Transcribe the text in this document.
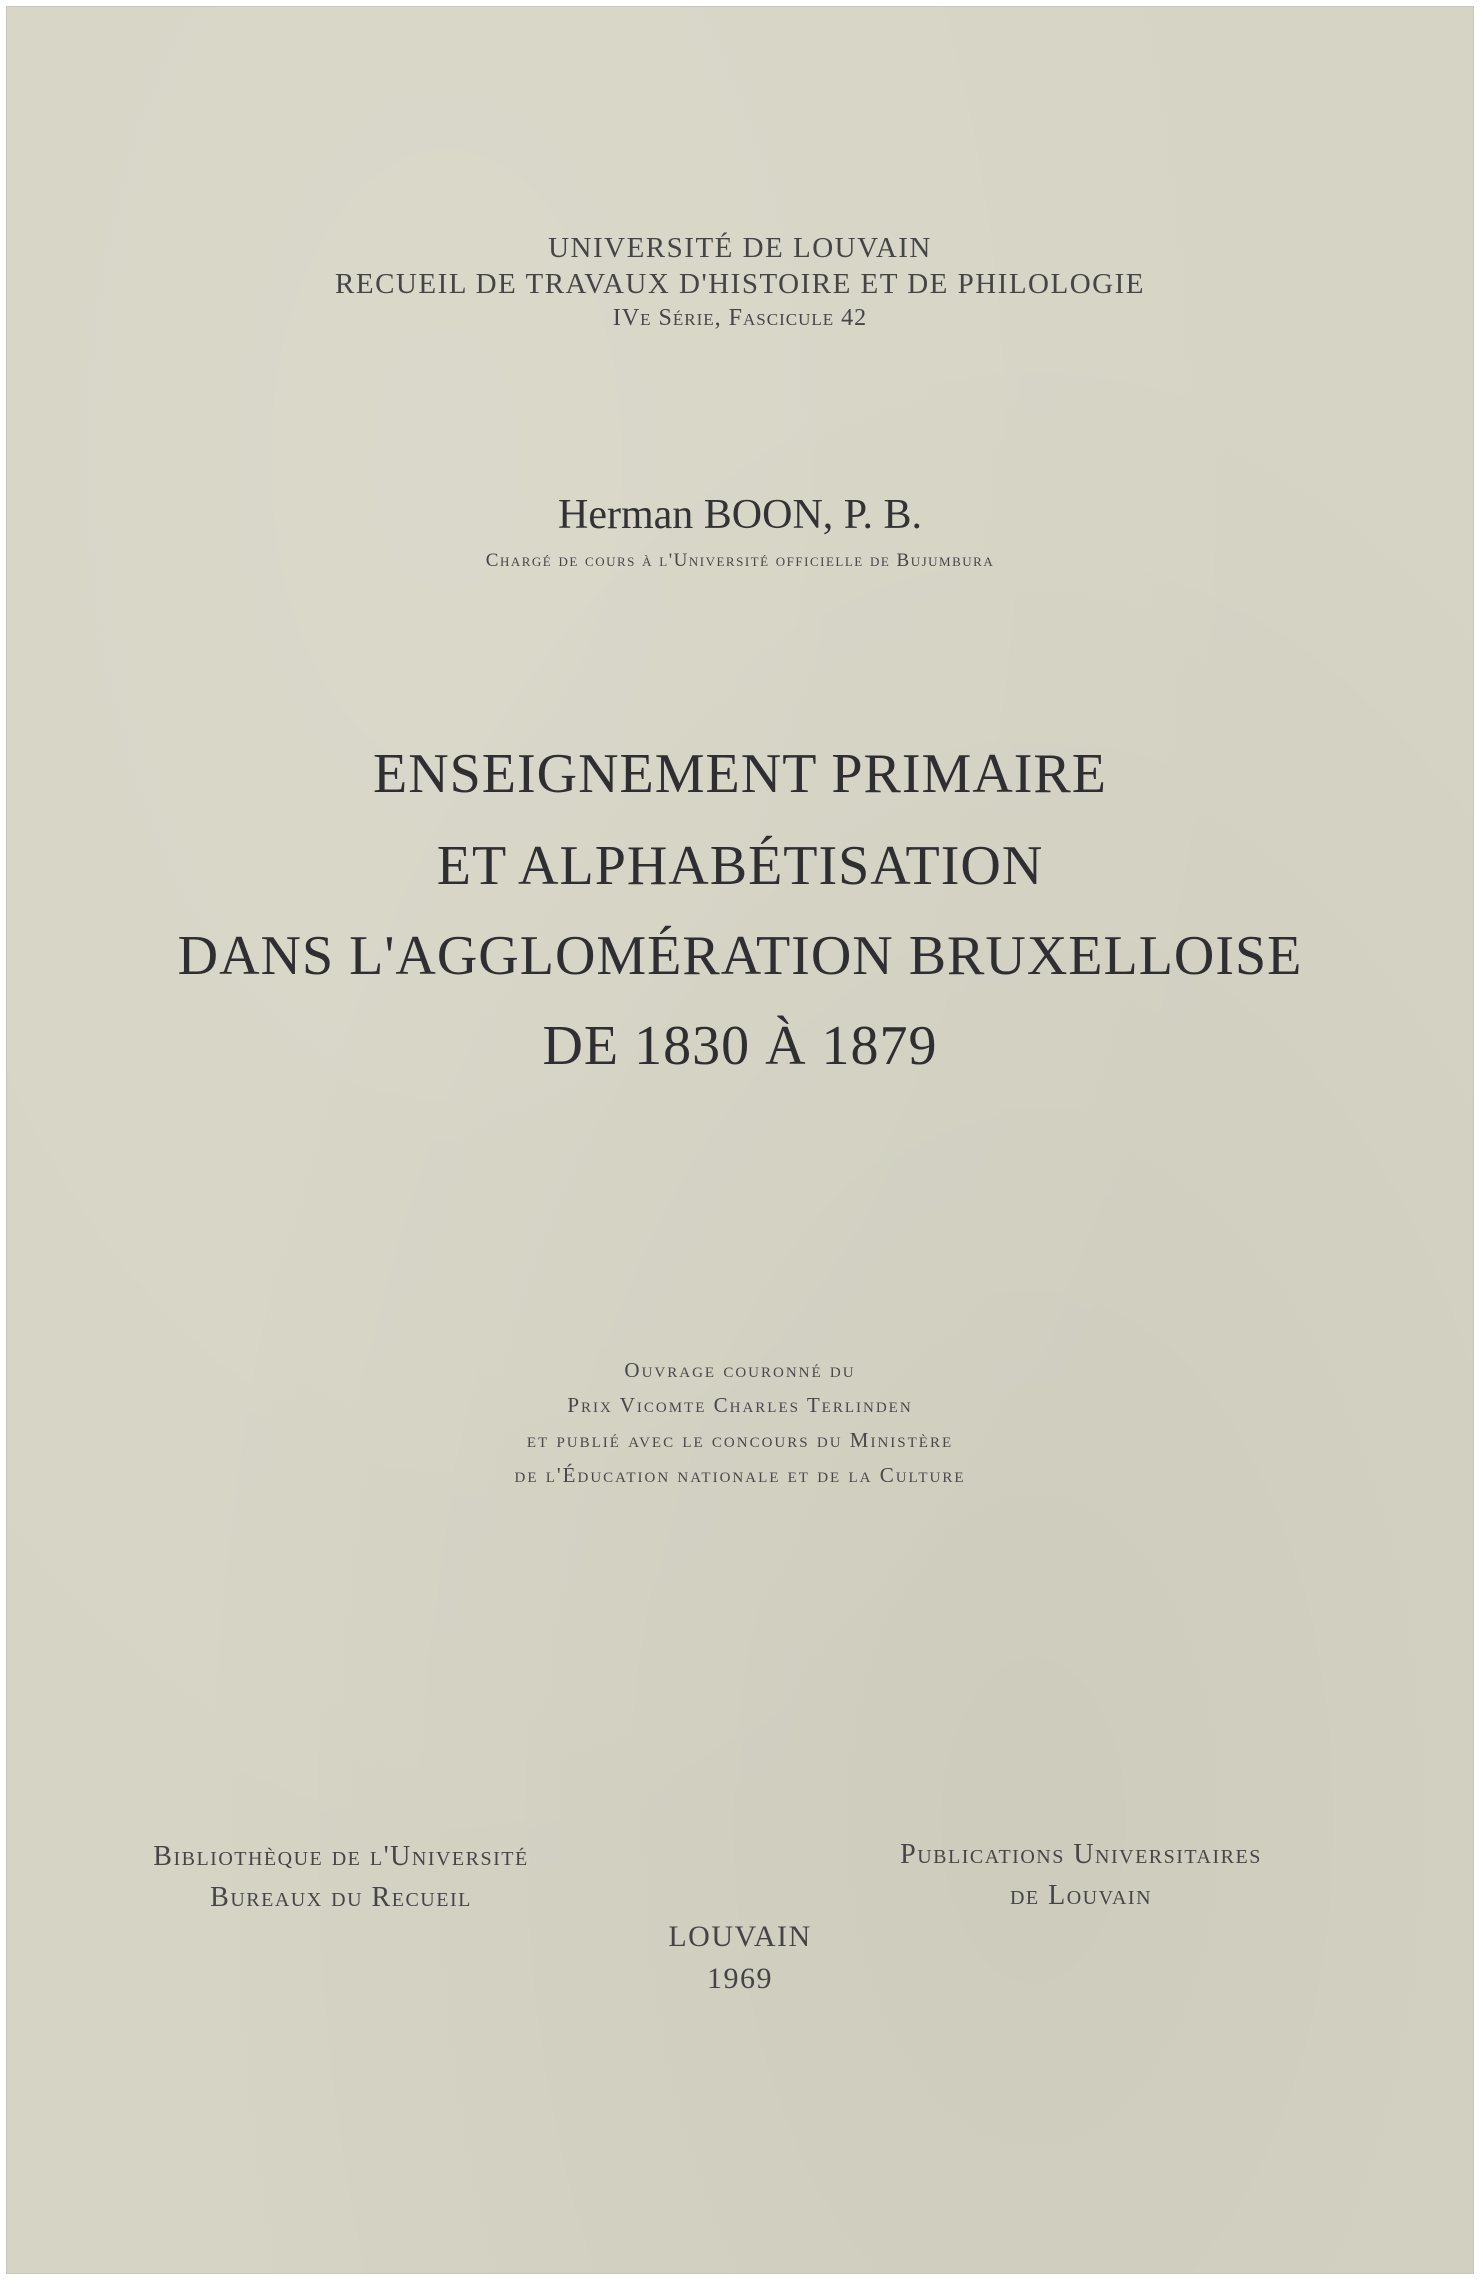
UNIVERSITÉ DE LOUVAIN
RECUEIL DE TRAVAUX D'HISTOIRE ET DE PHILOLOGIE
IVe Série, Fascicule 42
Herman BOON, P. B.
Chargé de cours à l'Université officielle de Bujumbura
ENSEIGNEMENT PRIMAIRE
ET ALPHABÉTISATION
DANS L'AGGLOMÉRATION BRUXELLOISE
DE 1830 À 1879
Ouvrage couronné du
Prix Vicomte Charles Terlinden
et publié avec le concours du Ministère
de l'Éducation nationale et de la Culture
Bibliothèque de l'Université
Bureaux du Recueil
Publications Universitaires
de Louvain
LOUVAIN
1969
